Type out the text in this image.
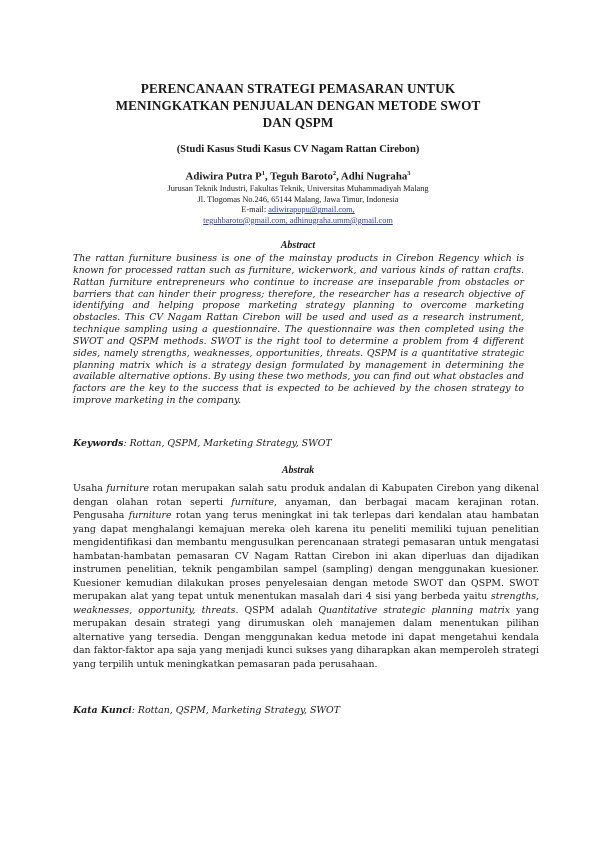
PERENCANAAN STRATEGI PEMASARAN UNTUK
MENINGKATKAN PENJUALAN DENGAN METODE SWOT
DAN QSPM
(Studi Kasus Studi Kasus CV Nagam Rattan Cirebon)
Adiwira Putra $P^1$, Teguh Baroto$^2$, Adhi Nugraha$^3$
Jurusan Teknik Industri, Fakultas Teknik, Universitas Muhammadiyah Malang
Jl. Tlogomas No.246, 65144 Malang, Jawa Timur, Indonesia
E-mail: adiwirapupu@gmail.com,
teguhbaroto@gmail.com, adhinugraha.umm@gmail.com
Abstract
The rattan furniture business is one of the mainstay products in Cirebon Regency which is known for processed rattan such as furniture, wickerwork, and various kinds of rattan crafts. Rattan furniture entrepreneurs who continue to increase are inseparable from obstacles or barriers that can hinder their progress; therefore, the researcher has a research objective of identifying and helping propose marketing strategy planning to overcome marketing obstacles. This CV Nagam Rattan Cirebon will be used and used as a research instrument, technique sampling using a questionnaire. The questionnaire was then completed using the SWOT and QSPM methods. SWOT is the right tool to determine a problem from 4 different sides, namely strengths, weaknesses, opportunities, threats. QSPM is a quantitative strategic planning matrix which is a strategy design formulated by management in determining the available alternative options. By using these two methods, you can find out what obstacles and factors are the key to the success that is expected to be achieved by the chosen strategy to improve marketing in the company.
Keywords: Rottan, QSPM, Marketing Strategy, SWOT
Abstrak
Usaha furniture rotan merupakan salah satu produk andalan di Kabupaten Cirebon yang dikenal dengan olahan rotan seperti furniture, anyaman, dan berbagai macam kerajinan rotan. Pengusaha furniture rotan yang terus meningkat ini tak terlepas dari kendalan atau hambatan yang dapat menghalangi kemajuan mereka oleh karena itu peneliti memiliki tujuan penelitian mengidentifikasi dan membantu mengusulkan perencanaan strategi pemasaran untuk mengatasi hambatan-hambatan pemasaran CV Nagam Rattan Cirebon ini akan diperluas dan dijadikan instrumen penelitian, teknik pengambilan sampel (sampling) dengan menggunakan kuesioner. Kuesioner kemudian dilakukan proses penyelesaian dengan metode SWOT dan QSPM. SWOT merupakan alat yang tepat untuk menentukan masalah dari 4 sisi yang berbeda yaitu strengths, weaknesses, opportunity, threats. QSPM adalah Quantitative strategic planning matrix yang merupakan desain strategi yang dirumuskan oleh manajemen dalam menentukan pilihan alternative yang tersedia. Dengan menggunakan kedua metode ini dapat mengetahui kendala dan faktor-faktor apa saja yang menjadi kunci sukses yang diharapkan akan memperoleh strategi yang terpilih untuk meningkatkan pemasaran pada perusahaan.
Kata Kunci: Rottan, QSPM, Marketing Strategy, SWOT
